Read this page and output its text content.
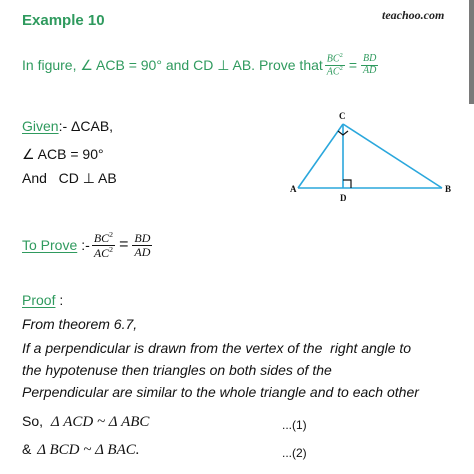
Example 10	teachoo.com
In figure, ∠ ACB = 90° and CD ⊥ AB. Prove that $\frac{BC^2}{AC^2} = \frac{BD}{AD}$
Given:- ΔCAB,
∠ ACB = 90°
And   CD ⊥ AB
A	B
C
D
To Prove :- $\frac{BC^2}{AC^2} = \frac{BD}{AD}$
Proof :
From theorem 6.7,
If a perpendicular is drawn from the vertex of the  right angle to
the hypotenuse then triangles on both sides of the
Perpendicular are similar to the whole triangle and to each other
So, Δ ACD ~ Δ ABC	...(1)
& Δ BCD ~ Δ BAC.	...(2)
